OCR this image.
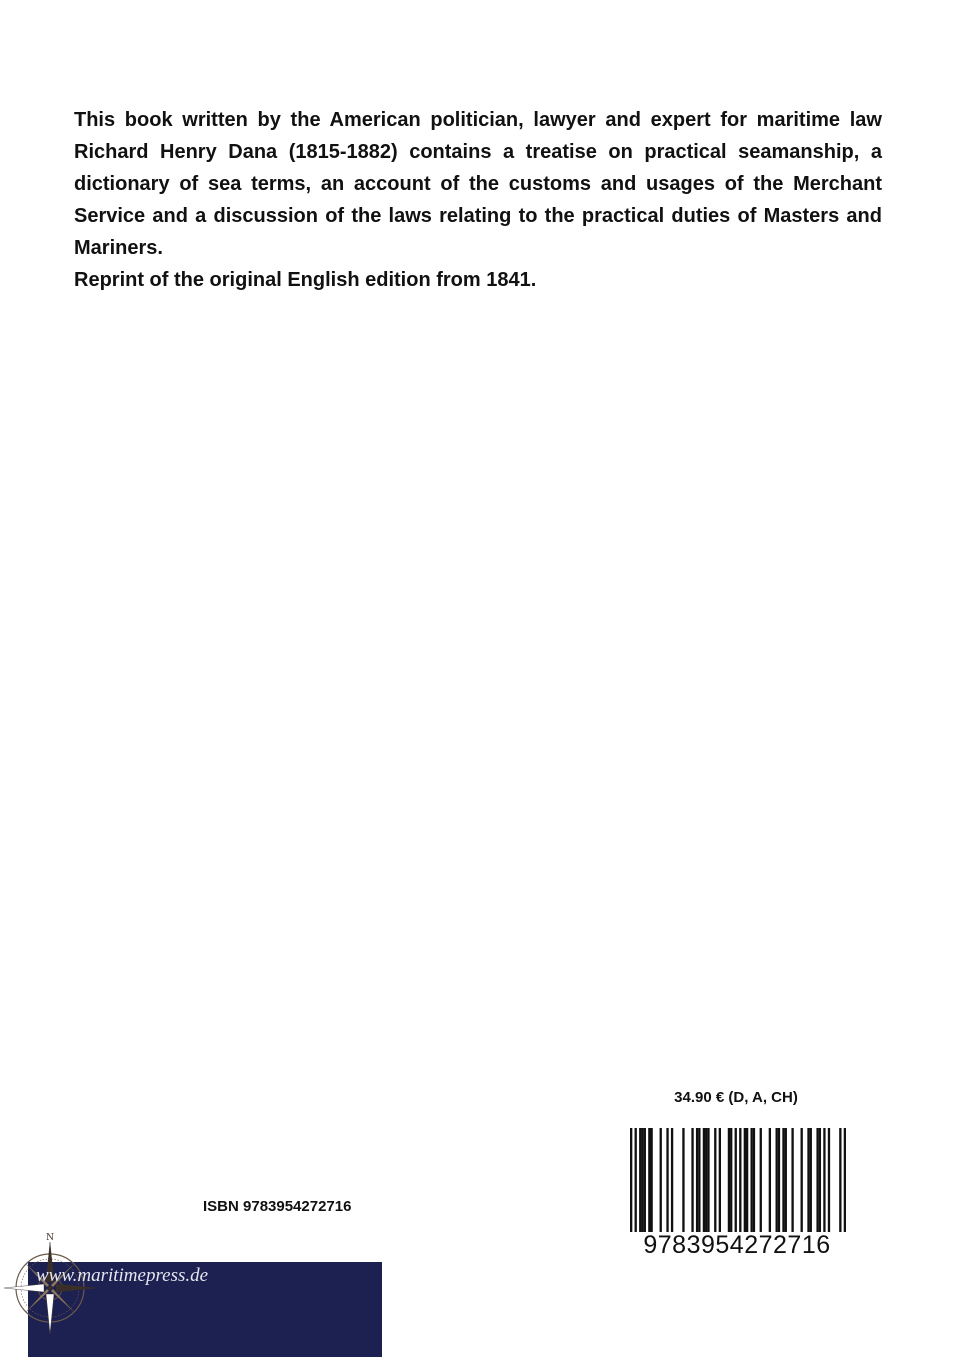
This book written by the American politician, lawyer and expert for maritime law Richard Henry Dana (1815-1882) contains a treatise on practical seamanship, a dictionary of sea terms, an account of the customs and usages of the Merchant Service and a discussion of the laws relating to the practical duties of Masters and Mariners.

Reprint of the original English edition from 1841.

34.90 € (D, A, CH)
9783954272716
ISBN 9783954272716
N
www.maritimepress.de
